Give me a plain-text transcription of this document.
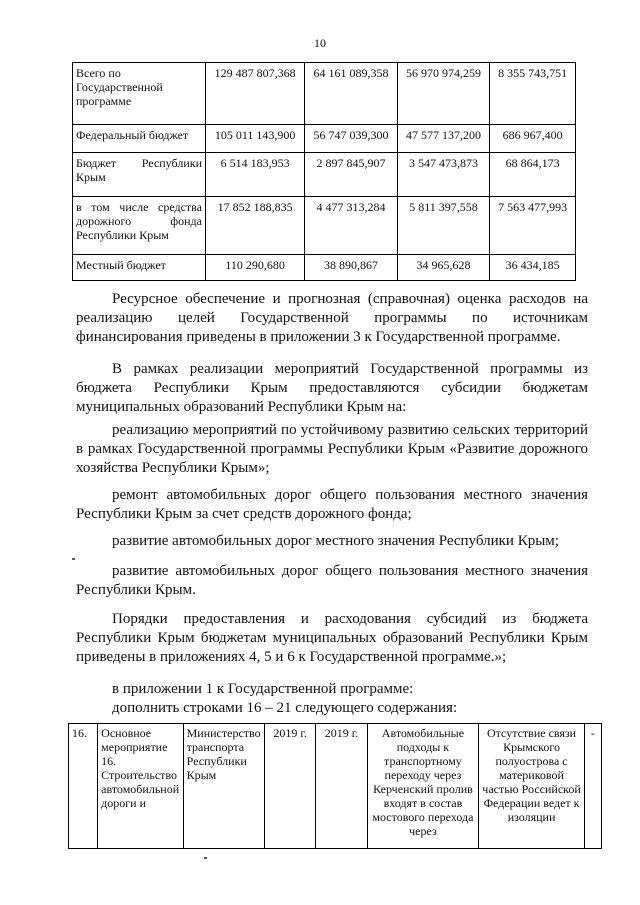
10
Всего по Государственной программе	129 487 807,368	64 161 089,358	56 970 974,259	8 355 743,751
Федеральный бюджет	105 011 143,900	56 747 039,300	47 577 137,200	686 967,400

Бюджет Республики Крым	6 514 183,953	2 897 845,907	3 547 473,873	68 864,173
в том числе средства дорожного фонда Республики Крым	17 852 188,835	4 477 313,284	5 811 397,558	7 563 477,993
Местный бюджет	110 290,680	38 890,867	34 965,628	36 434,185
Ресурсное обеспечение и прогнозная (справочная) оценка расходов на реализацию целей Государственной программы по источникам финансирования приведены в приложении 3 к Государственной программе.
В рамках реализации мероприятий Государственной программы из бюджета Республики Крым предоставляются субсидии бюджетам муниципальных образований Республики Крым на:
реализацию мероприятий по устойчивому развитию сельских территорий в рамках Государственной программы Республики Крым «Развитие дорожного хозяйства Республики Крым»;
ремонт автомобильных дорог общего пользования местного значения Республики Крым за счет средств дорожного фонда;
развитие автомобильных дорог местного значения Республики Крым;
развитие автомобильных дорог общего пользования местного значения Республики Крым.
Порядки предоставления и расходования субсидий из бюджета Республики Крым бюджетам муниципальных образований Республики Крым приведены в приложениях 4, 5 и 6 к Государственной программе.»;
в приложении 1 к Государственной программе:
дополнить строками 16 – 21 следующего содержания:
16.	Основное мероприятие 16. Строительство автомобильной дороги и	Министерство транспорта Республики Крым	2019 г.	2019 г.	Автомобильные подходы к транспортному переходу через Керченский пролив входят в состав мостового перехода через	Отсутствие связи Крымского полуострова с материковой частью Российской Федерации ведет к изоляции	-
